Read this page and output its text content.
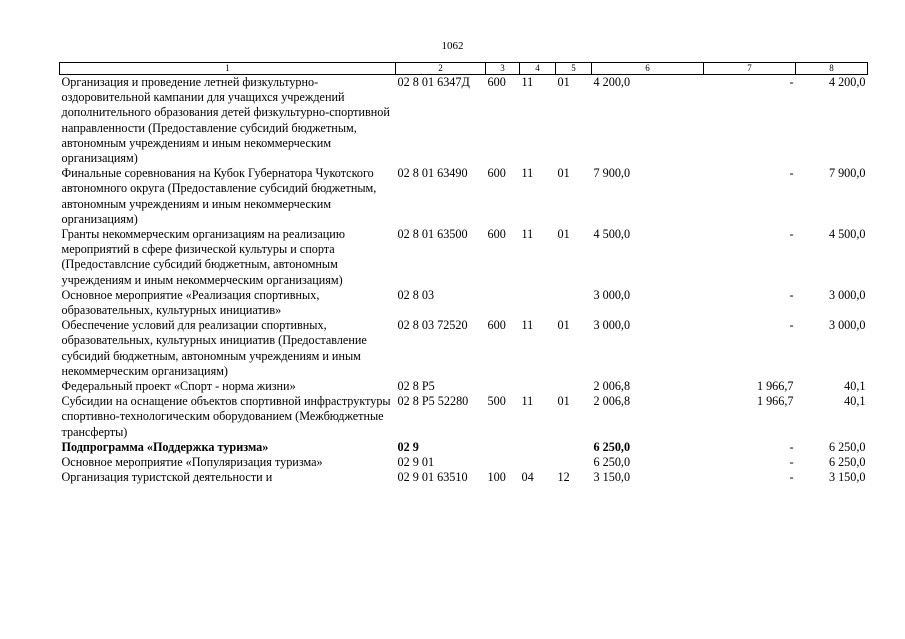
1062
1	2	3	4	5	6	7	8
Организация и проведение летней физкультурно-оздоровительной кампании для учащихся учреждений дополнительного образования детей физкультурно-спортивной направленности (Предоставление субсидий бюджетным, автономным учреждениям и иным некоммерческим организациям)	02 8 01 6347Д	600	11	01	4 200,0	-	4 200,0
Финальные соревнования на Кубок Губернатора Чукотского автономного округа (Предоставление субсидий бюджетным, автономным учреждениям и иным некоммерческим организациям)	02 8 01 63490	600	11	01	7 900,0	-	7 900,0
Гранты некоммерческим организациям на реализацию мероприятий в сфере физической культуры и спорта (Предоставлсние субсидий бюджетным, автономным учреждениям и иным некоммерческим организациям)	02 8 01 63500	600	11	01	4 500,0	-	4 500,0
Основное мероприятие «Реализация спортивных, образовательных, культурных инициатив»	02 8 03				3 000,0	-	3 000,0
Обеспечение условий для реализации спортивных, образовательных, культурных инициатив (Предоставление субсидий бюджетным, автономным учреждениям и иным некоммерческим организациям)	02 8 03 72520	600	11	01	3 000,0	-	3 000,0
Федеральный проект «Спорт - норма жизни»	02 8 P5				2 006,8	1 966,7	40,1
Субсидии на оснащение объектов спортивной инфраструктуры спортивно-технологическим оборудованием (Межбюджетные трансферты)	02 8 P5 52280	500	11	01	2 006,8	1 966,7	40,1
Подпрограмма «Поддержка туризма»	02 9				6 250,0	-	6 250,0
Основное мероприятие «Популяризация туризма»	02 9 01				6 250,0	-	6 250,0
Организация туристской деятельности и	02 9 01 63510	100	04	12	3 150,0	-	3 150,0
